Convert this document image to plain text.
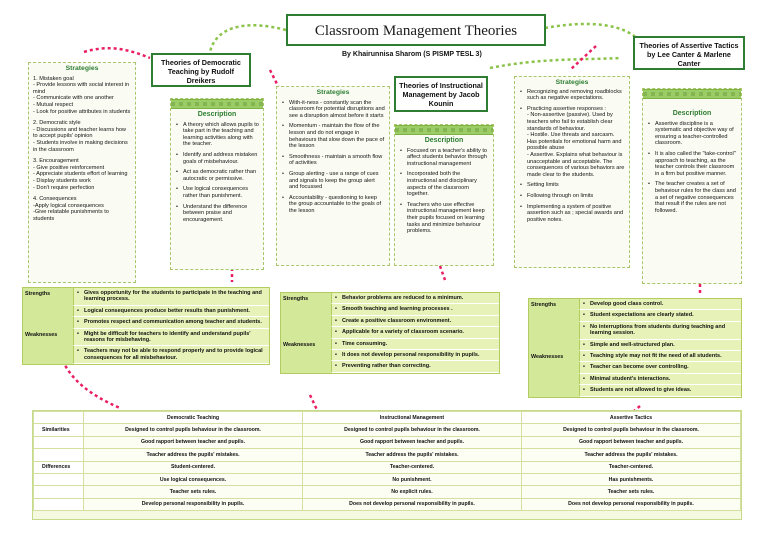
Classroom Management Theories
By Khairunnisa Sharom (S PISMP TESL 3)
Theories of Democratic Teaching by Rudolf Dreikers
Strategies
1. Mistaken goal
- Provide lessons with social interest in mind
- Communicate with one another
- Mutual respect
- Look for positive attributes in students
2. Democratic style
- Discussions and teacher learns how to accept pupils' opinion
- Students involve in making decisions in the classroom
3. Encouragement
- Give positive reinforcement
- Appreciate students effort of learning
- Display students work
- Don't require perfection
4. Consequences
-Apply logical consequences
-Give relatable punishments to students
Description
• A theory which allows pupils to take part in the teaching and learning activities along with the teacher.
• Identify and address mistaken goals of misbehaviour.
• Act as democratic rather than autocratic or permissive.
• Use logical consequences rather than punishment.
• Understand the difference between praise and encouragement.
Theories of Instructional Management by Jacob Kounin
Strategies
• With-it-ness - constantly scan the classroom for potential disruptions and see a disruption almost before it starts
• Momentum - maintain the flow of the lesson and do not engage in behaviours that slow down the pace of the lesson
• Smoothness - maintain a smooth flow of activities
• Group alerting - use a range of cues and signals to keep the group alert and focussed
• Accountability - questioning to keep the group accountable to the goals of the lesson
Description
• Focused on a teacher's ability to affect students behavior through instructional management
• Incorporated both the instructional and disciplinary aspects of the classroom together.
• Teachers who use effective instructional management keep their pupils focused on learning tasks and minimize behaviour problems.
Theories of Assertive Tactics by Lee Canter & Marlene Canter
Strategies
• Recognizing and removing roadblocks such as negative expectations.
• Practicing assertive responses :
- Non-assertive (passive). Used by teachers who fail to establish clear standards of behaviour.
- Hostile. Use threats and sarcasm. Has potentials for emotional harm and possible abuse
- Assertive. Explains what behaviour is unacceptable and acceptable. The consequences of various behaviors are made clear to the students.
• Setting limits
• Following through on limits
• Implementing a system of positive assertion such as ; special awards and positive notes.
Description
• Assertive discipline is a systematic and objective way of ensuring a teacher-controlled classroom.
• It is also called the "take-control" approach to teaching, as the teacher controls their classroom in a firm but positive manner.
• The teacher creates a set of behaviour rules for the class and a set of negative consequences that result if the rules are not followed.
Strengths	• Gives opportunity for the students to participate in the teaching and learning process.
• Logical consequences produce better results than punishment.
• Promotes respect and communication among teacher and students.
Weaknesses	• Might be difficult for teachers to identify and understand pupils' reasons for misbehaving.
• Teachers may not be able to respond properly and to provide logical consequences for all misbehaviour.
Strengths	• Behavior problems are reduced to a minimum.
• Smooth teaching and learning processes .
• Create a positive classroom environment.
• Applicable for a variety of classroom scenario.
Weaknesses	• Time consuming.
• It does not develop personal responsibility in pupils.
• Preventing rather than correcting.
Strengths	• Develop good class control.
• Student expectations are clearly stated.
• No interruptions from students during teaching and learning session.
• Simple and well-structured plan.
Weaknesses	• Teaching style may not fit the need of all students.
• Teacher can become over controlling.
• Minimal student's interactions.
• Students are not allowed to give ideas.
	Democratic Teaching	Instructional Management	Assertive Tactics
Similarities	Designed to control pupils behaviour in the classroom.	Designed to control pupils behaviour in the classroom.	Designed to control pupils behaviour in the classroom.
	Good rapport between teacher and pupils.	Good rapport between teacher and pupils.	Good rapport between teacher and pupils.
	Teacher address the pupils' mistakes.	Teacher address the pupils' mistakes.	Teacher address the pupils' mistakes.
Differences	Student-centered.	Teacher-centered.	Teacher-centered.
	Use logical consequences.	No punishment.	Has punishments.
	Teacher sets rules.	No explicit rules.	Teacher sets rules.
	Develop personal responsibility in pupils.	Does not develop personal responsibility in pupils.	Does not develop personal responsibility in pupils.
